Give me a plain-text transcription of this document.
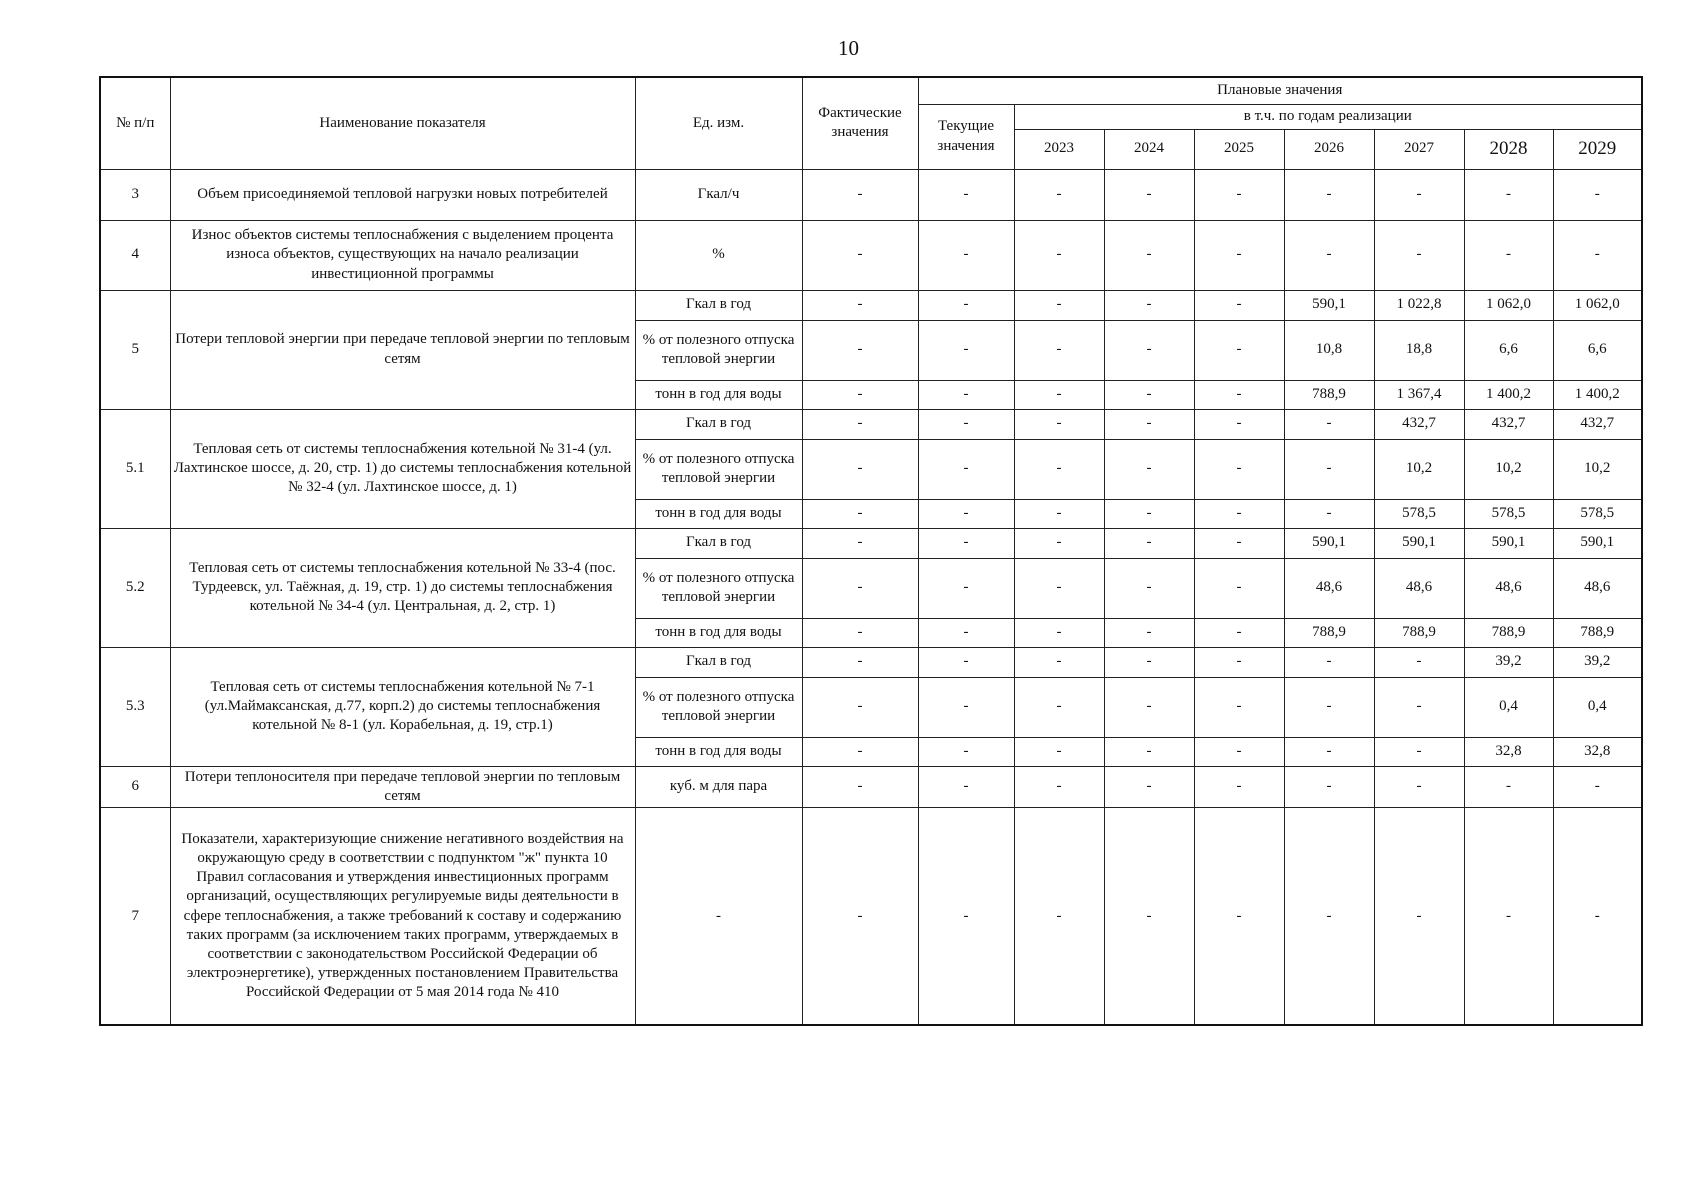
10
№ п/п	Наименование показателя	Ед. изм.	Фактические значения	Плановые значения							
				Текущие значения	в т.ч. по годам реализации						
					2023	2024	2025	2026	2027	2028	2029
3	Объем присоединяемой тепловой нагрузки новых потребителей	Гкал/ч	-	-	-	-	-	-	-	-	-
4	Износ объектов системы теплоснабжения с выделением процента износа объектов, существующих на начало реализации инвестиционной программы	%	-	-	-	-	-	-	-	-	-
5	Потери тепловой энергии при передаче тепловой энергии по тепловым сетям	Гкал в год	-	-	-	-	-	590,1	1 022,8	1 062,0	1 062,0
		% от полезного отпуска тепловой энергии	-	-	-	-	-	10,8	18,8	6,6	6,6
		тонн в год для воды	-	-	-	-	-	788,9	1 367,4	1 400,2	1 400,2
5.1	Тепловая сеть от системы теплоснабжения котельной № 31-4 (ул. Лахтинское шоссе, д. 20, стр. 1) до системы теплоснабжения котельной № 32-4 (ул. Лахтинское шоссе, д. 1)	Гкал в год	-	-	-	-	-	-	432,7	432,7	432,7
		% от полезного отпуска тепловой энергии	-	-	-	-	-	-	10,2	10,2	10,2
		тонн в год для воды	-	-	-	-	-	-	578,5	578,5	578,5
5.2	Тепловая сеть от системы теплоснабжения котельной № 33-4 (пос. Турдеевск, ул. Таёжная, д. 19, стр. 1) до системы теплоснабжения котельной № 34-4 (ул. Центральная, д. 2, стр. 1)	Гкал в год	-	-	-	-	-	590,1	590,1	590,1	590,1
		% от полезного отпуска тепловой энергии	-	-	-	-	-	48,6	48,6	48,6	48,6
		тонн в год для воды	-	-	-	-	-	788,9	788,9	788,9	788,9
5.3	Тепловая сеть от системы теплоснабжения котельной № 7-1 (ул.Маймаксанская, д.77, корп.2) до системы теплоснабжения котельной № 8-1 (ул. Корабельная, д. 19, стр.1)	Гкал в год	-	-	-	-	-	-	-	39,2	39,2
		% от полезного отпуска тепловой энергии	-	-	-	-	-	-	-	0,4	0,4
		тонн в год для воды	-	-	-	-	-	-	-	32,8	32,8
6	Потери теплоносителя при передаче тепловой энергии по тепловым сетям	куб. м для пара	-	-	-	-	-	-	-	-	-
7	Показатели, характеризующие снижение негативного воздействия на окружающую среду в соответствии с подпунктом "ж" пункта 10 Правил согласования и утверждения инвестиционных программ организаций, осуществляющих регулируемые виды деятельности в сфере теплоснабжения, а также требований к составу и содержанию таких программ (за исключением таких программ, утверждаемых в соответствии с законодательством Российской Федерации об электроэнергетике), утвержденных постановлением Правительства Российской Федерации от 5 мая 2014 года № 410	-	-	-	-	-	-	-	-	-	-
